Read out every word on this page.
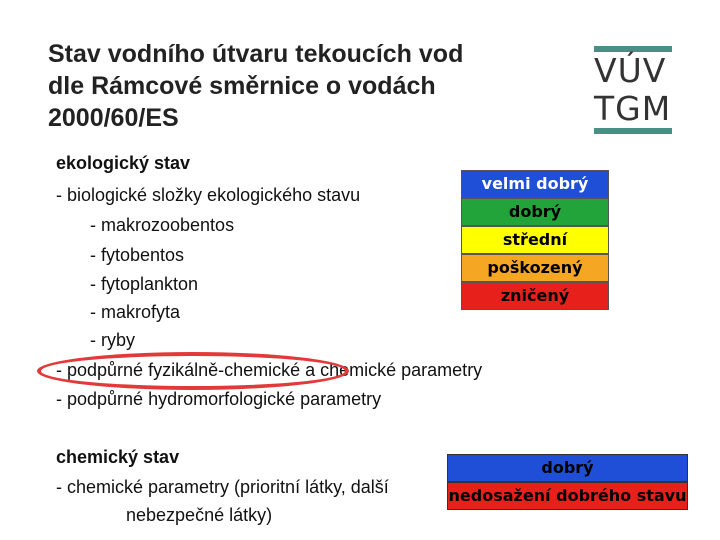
Stav vodního útvaru tekoucích vod
dle Rámcové směrnice o vodách
2000/60/ES
VÚV
TGM
ekologický stav
- biologické složky ekologického stavu
- makrozoobentos
- fytobentos
- fytoplankton
- makrofyta
- ryby
- podpůrné fyzikálně-chemické a chemické parametry
- podpůrné hydromorfologické parametry
velmi dobrý
dobrý
střední
poškozený
zničený
chemický stav
- chemické parametry (prioritní látky, další
nebezpečné látky)
dobrý
nedosažení dobrého stavu
